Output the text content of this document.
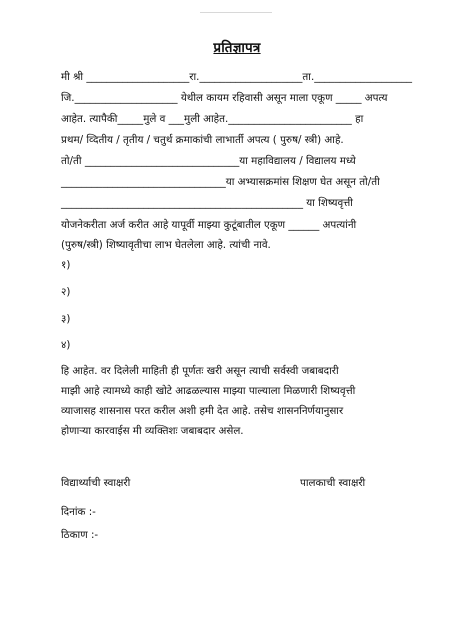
प्रतिज्ञापत्र
मी श्री ____________________रा.____________________ता.___________________
जि.____________________ येथील कायम रहिवासी असून माला एकूण _____ अपत्य
आहेत. त्यापैकी_____मुले व ___मुली आहेत.________________________ हा
प्रथम/ व्दितीय / तृतीय / चतुर्थ क्रमाकांची लाभार्ती अपत्य ( पुरुष/ स्त्री) आहे.
तो/ती ______________________________या महाविद्यालय / विद्यालय मध्ये
________________________________या अभ्यासक्रमांस शिक्षण घेत असून तो/ती
_______________________________________________ या शिष्यवृत्ती
योजनेकरीता अर्ज करीत आहे यापूर्वी माझ्या कुटूंबातील एकूण ______ अपत्यांनी
(पुरुष/स्त्री) शिष्यावृतीचा लाभ घेतलेला आहे. त्यांची नावे.
१)
२)
३)
४)
हि आहेत. वर दिलेली माहिती ही पूर्णतः खरी असून त्याची सर्वस्वी जबाबदारी
माझी आहे त्यामध्ये काही खोटे आढळल्यास माझ्या पाल्याला मिळणारी शिष्यवृत्ती
व्याजासह शासनास परत करील अशी हमी देत आहे. तसेच शासननिर्णयानुसार
होणाऱ्या कारवाईस मी व्यक्तिशः जबाबदार असेल.
विद्यार्थ्याची स्वाक्षरी	पालकाची स्वाक्षरी
दिनांक :-
ठिकाण :-
